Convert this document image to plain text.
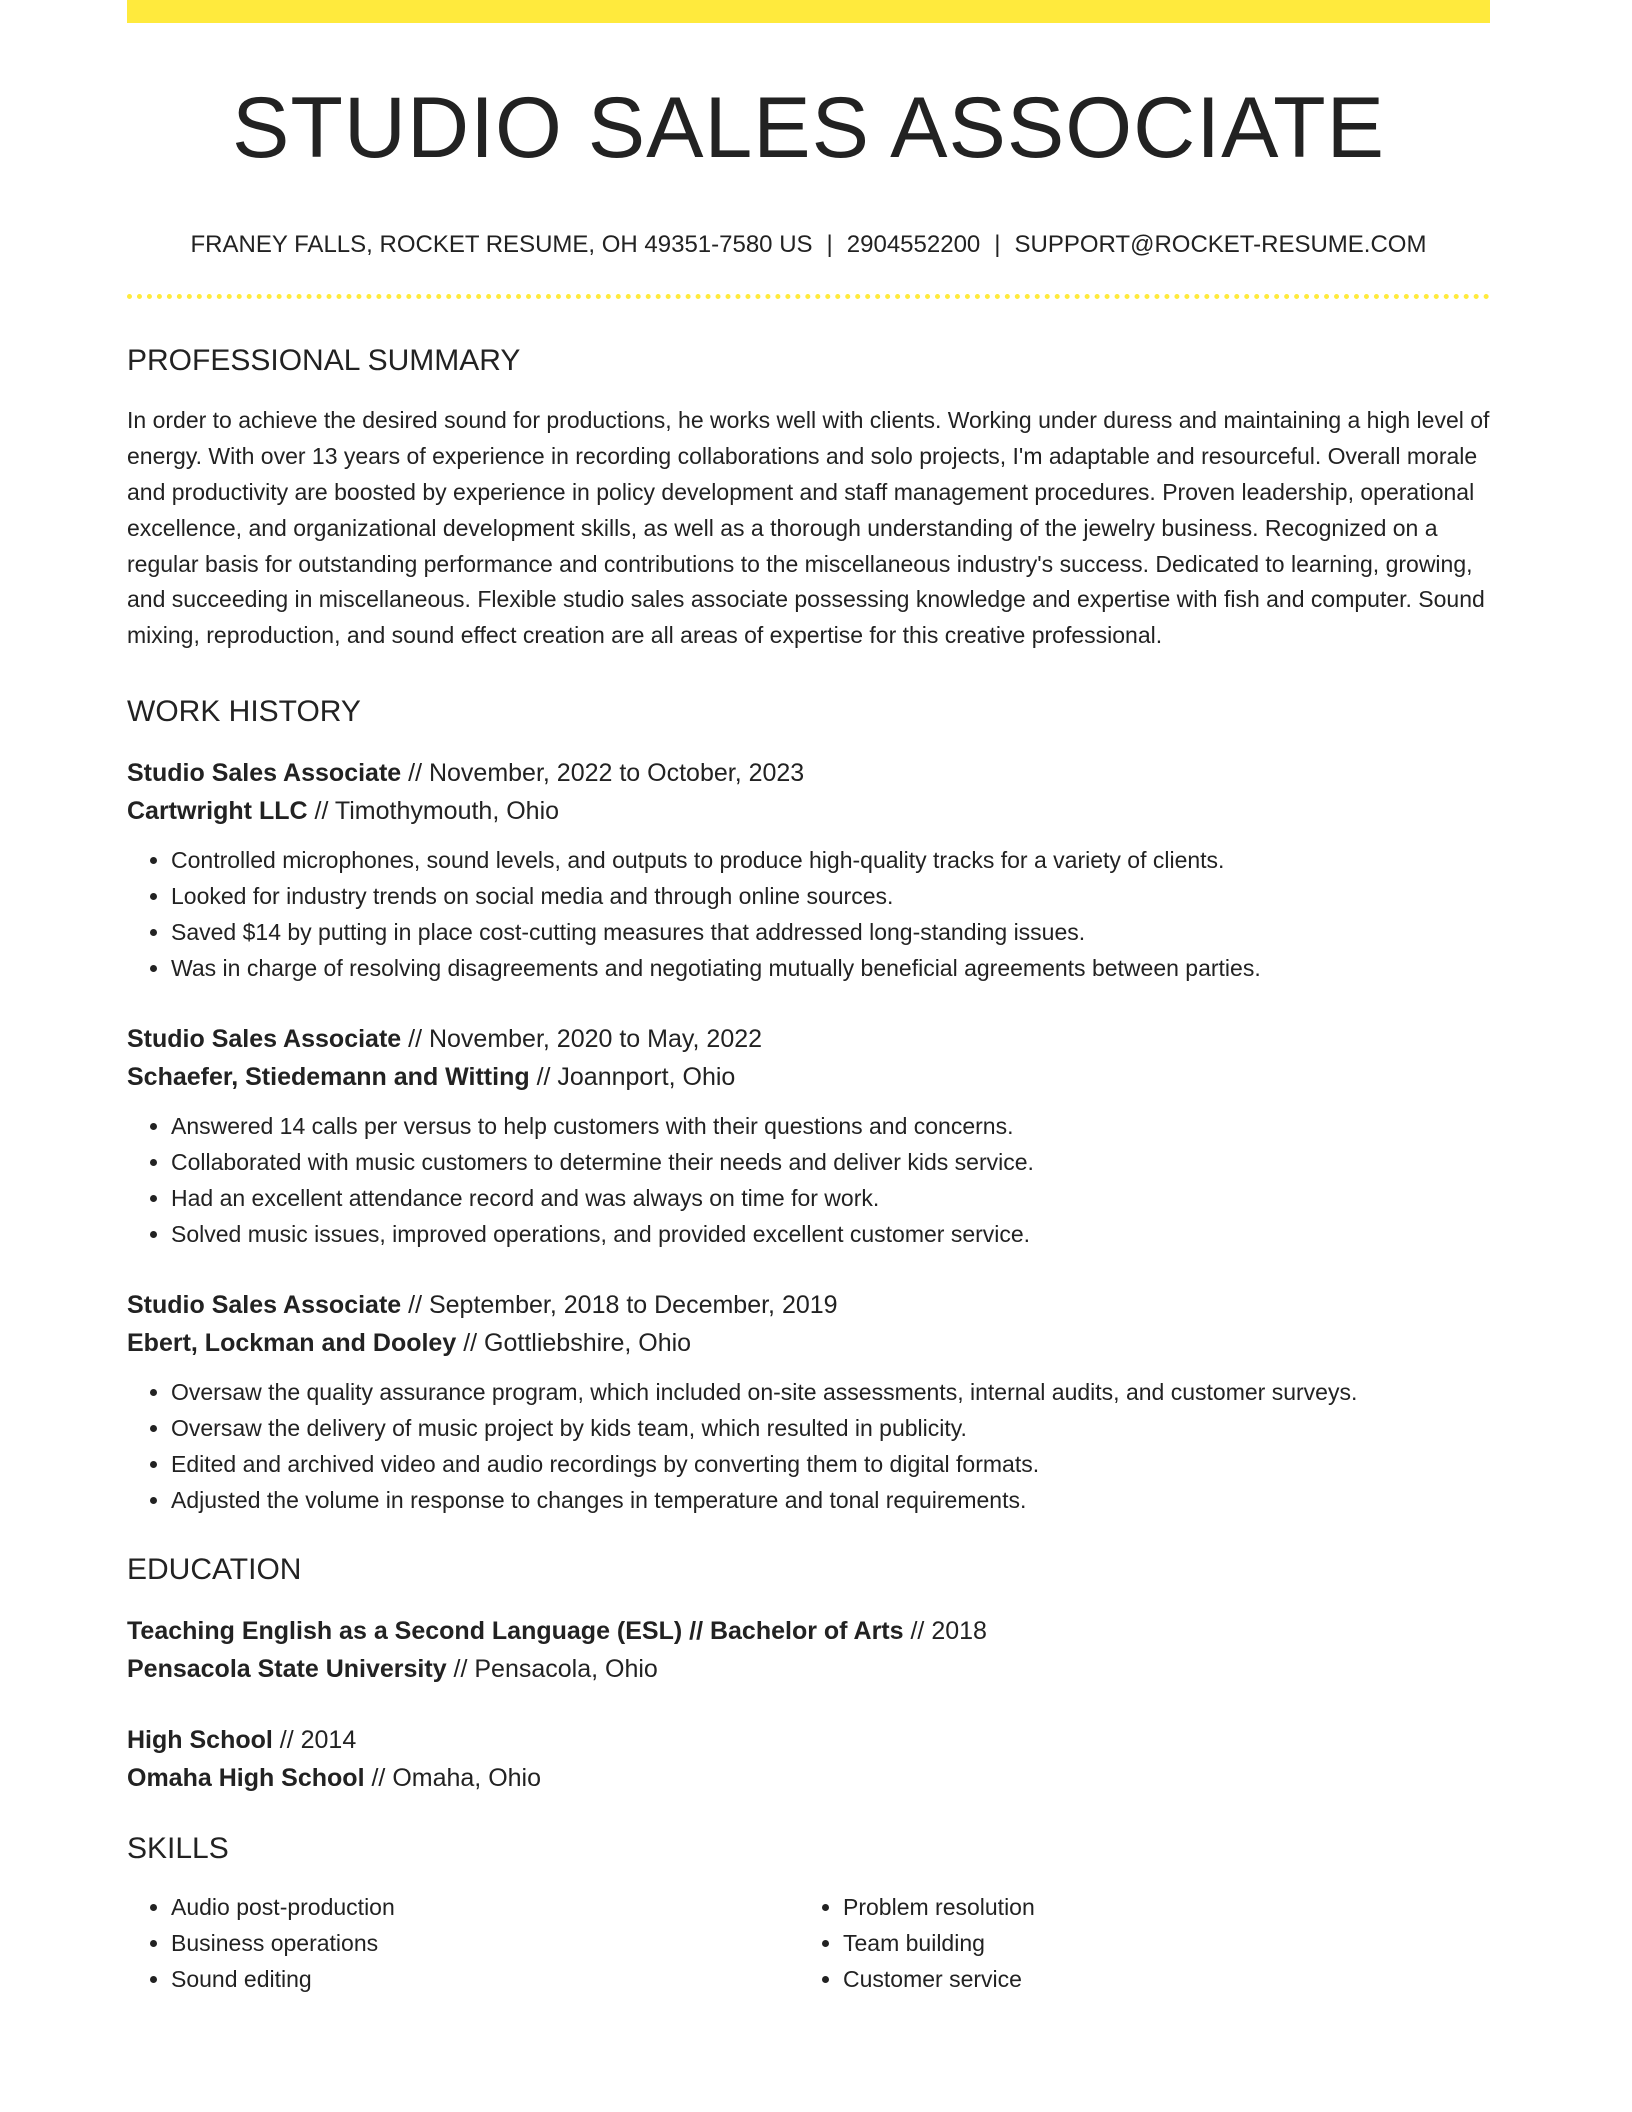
STUDIO SALES ASSOCIATE
FRANEY FALLS, ROCKET RESUME, OH 49351-7580 US | 2904552200 | SUPPORT@ROCKET-RESUME.COM
PROFESSIONAL SUMMARY

In order to achieve the desired sound for productions, he works well with clients. Working under duress and maintaining a high level of energy. With over 13 years of experience in recording collaborations and solo projects, I'm adaptable and resourceful. Overall morale and productivity are boosted by experience in policy development and staff management procedures. Proven leadership, operational excellence, and organizational development skills, as well as a thorough understanding of the jewelry business. Recognized on a regular basis for outstanding performance and contributions to the miscellaneous industry's success. Dedicated to learning, growing, and succeeding in miscellaneous. Flexible studio sales associate possessing knowledge and expertise with fish and computer. Sound mixing, reproduction, and sound effect creation are all areas of expertise for this creative professional.

WORK HISTORY
Studio Sales Associate // November, 2022 to October, 2023
Cartwright LLC // Timothymouth, Ohio
• Controlled microphones, sound levels, and outputs to produce high-quality tracks for a variety of clients.
• Looked for industry trends on social media and through online sources.
• Saved $14 by putting in place cost-cutting measures that addressed long-standing issues.
• Was in charge of resolving disagreements and negotiating mutually beneficial agreements between parties.
Studio Sales Associate // November, 2020 to May, 2022
Schaefer, Stiedemann and Witting // Joannport, Ohio
• Answered 14 calls per versus to help customers with their questions and concerns.
• Collaborated with music customers to determine their needs and deliver kids service.
• Had an excellent attendance record and was always on time for work.
• Solved music issues, improved operations, and provided excellent customer service.
Studio Sales Associate // September, 2018 to December, 2019
Ebert, Lockman and Dooley // Gottliebshire, Ohio
• Oversaw the quality assurance program, which included on-site assessments, internal audits, and customer surveys.
• Oversaw the delivery of music project by kids team, which resulted in publicity.
• Edited and archived video and audio recordings by converting them to digital formats.
• Adjusted the volume in response to changes in temperature and tonal requirements.
EDUCATION
Teaching English as a Second Language (ESL) // Bachelor of Arts // 2018
Pensacola State University // Pensacola, Ohio
High School // 2014
Omaha High School // Omaha, Ohio
SKILLS
• Audio post-production
• Business operations
• Sound editing
• Problem resolution
• Team building
• Customer service
